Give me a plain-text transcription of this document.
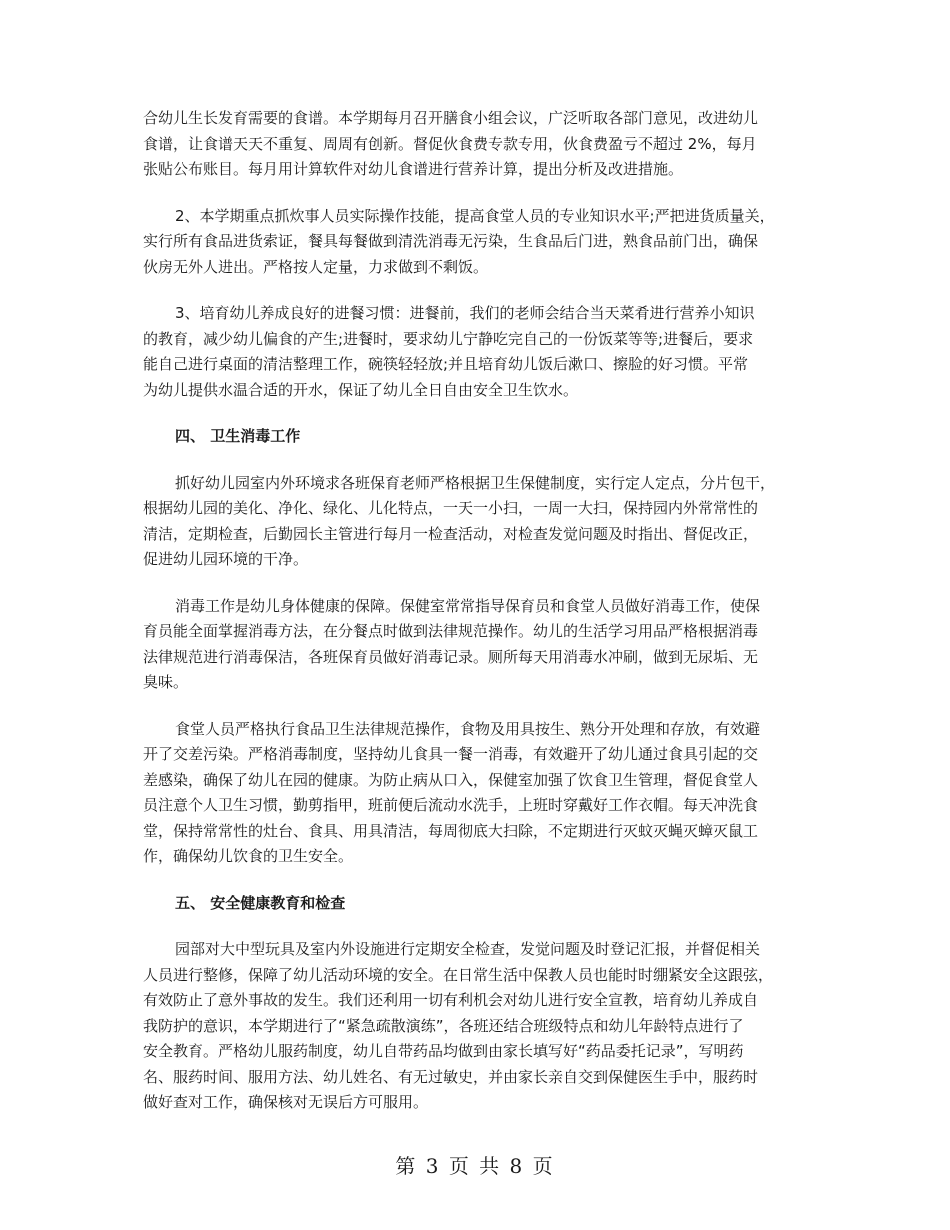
合幼儿生长发育需要的食谱。本学期每月召开膳食小组会议，广泛听取各部门意见，改进幼儿
食谱，让食谱天天不重复、周周有创新。督促伙食费专款专用，伙食费盈亏不超过 2%，每月
张贴公布账目。每月用计算软件对幼儿食谱进行营养计算，提出分析及改进措施。
2、本学期重点抓炊事人员实际操作技能，提高食堂人员的专业知识水平;严把进货质量关，
实行所有食品进货索证，餐具每餐做到清洗消毒无污染，生食品后门进，熟食品前门出，确保
伙房无外人进出。严格按人定量，力求做到不剩饭。
3、培育幼儿养成良好的进餐习惯：进餐前，我们的老师会结合当天菜肴进行营养小知识
的教育，减少幼儿偏食的产生;进餐时，要求幼儿宁静吃完自己的一份饭菜等等;进餐后，要求
能自己进行桌面的清洁整理工作，碗筷轻轻放;并且培育幼儿饭后漱口、擦脸的好习惯。平常
为幼儿提供水温合适的开水，保证了幼儿全日自由安全卫生饮水。
四、 卫生消毒工作
抓好幼儿园室内外环境求各班保育老师严格根据卫生保健制度，实行定人定点，分片包干，
根据幼儿园的美化、净化、绿化、儿化特点，一天一小扫，一周一大扫，保持园内外常常性的
清洁，定期检查，后勤园长主管进行每月一检查活动，对检查发觉问题及时指出、督促改正，
促进幼儿园环境的干净。
消毒工作是幼儿身体健康的保障。保健室常常指导保育员和食堂人员做好消毒工作，使保
育员能全面掌握消毒方法，在分餐点时做到法律规范操作。幼儿的生活学习用品严格根据消毒
法律规范进行消毒保洁，各班保育员做好消毒记录。厕所每天用消毒水冲刷，做到无尿垢、无
臭味。
食堂人员严格执行食品卫生法律规范操作，食物及用具按生、熟分开处理和存放，有效避
开了交差污染。严格消毒制度，坚持幼儿食具一餐一消毒，有效避开了幼儿通过食具引起的交
差感染，确保了幼儿在园的健康。为防止病从口入，保健室加强了饮食卫生管理，督促食堂人
员注意个人卫生习惯，勤剪指甲，班前便后流动水洗手，上班时穿戴好工作衣帽。每天冲洗食
堂，保持常常性的灶台、食具、用具清洁，每周彻底大扫除，不定期进行灭蚊灭蝇灭蟑灭鼠工
作，确保幼儿饮食的卫生安全。
五、 安全健康教育和检查
园部对大中型玩具及室内外设施进行定期安全检查，发觉问题及时登记汇报，并督促相关
人员进行整修，保障了幼儿活动环境的安全。在日常生活中保教人员也能时时绷紧安全这跟弦，
有效防止了意外事故的发生。我们还利用一切有利机会对幼儿进行安全宣教，培育幼儿养成自
我防护的意识，本学期进行了“紧急疏散演练”，各班还结合班级特点和幼儿年龄特点进行了
安全教育。严格幼儿服药制度，幼儿自带药品均做到由家长填写好“药品委托记录”，写明药
名、服药时间、服用方法、幼儿姓名、有无过敏史，并由家长亲自交到保健医生手中，服药时
做好查对工作，确保核对无误后方可服用。
第 3 页 共 8 页
